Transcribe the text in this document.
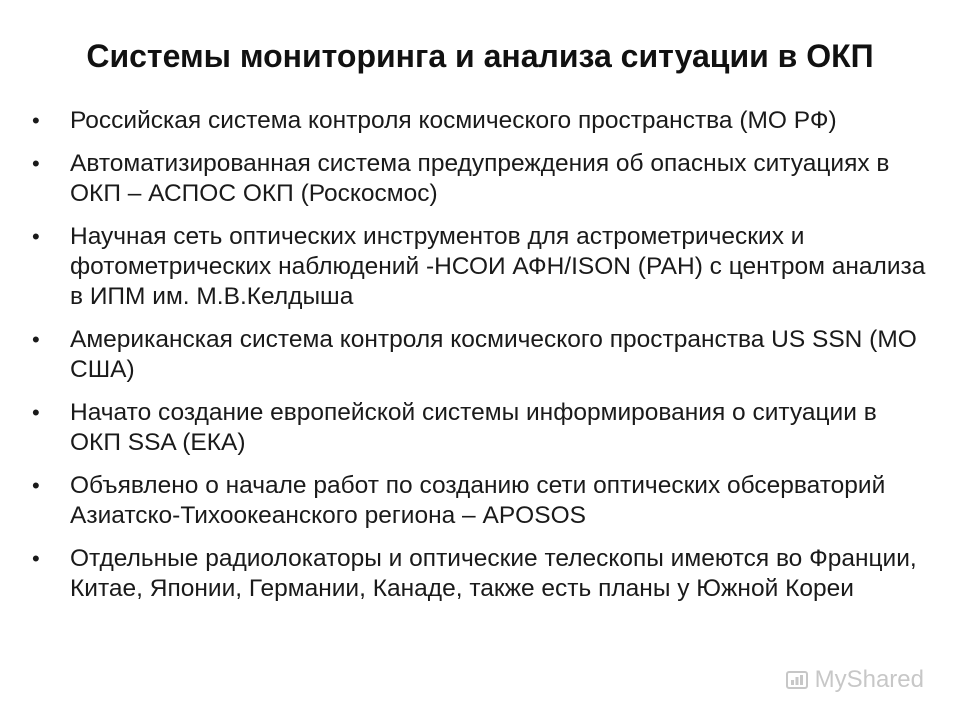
Системы мониторинга и анализа ситуации в ОКП
• Российская система контроля космического пространства (МО РФ)
• Автоматизированная система предупреждения об опасных ситуациях в ОКП – АСПОС ОКП (Роскосмос)
• Научная сеть оптических инструментов для астрометрических и фотометрических наблюдений -НСОИ АФН/ISON (РАН) с центром анализа в ИПМ им. М.В.Келдыша
• Американская система контроля космического пространства US SSN (МО США)
• Начато создание европейской системы информирования о ситуации в ОКП SSA (ЕКА)
• Объявлено о начале работ по созданию сети оптических обсерваторий Азиатско-Тихоокеанского региона – APOSOS
• Отдельные радиолокаторы и оптические телескопы имеются во Франции, Китае, Японии, Германии, Канаде, также есть планы у Южной Кореи
MyShared
